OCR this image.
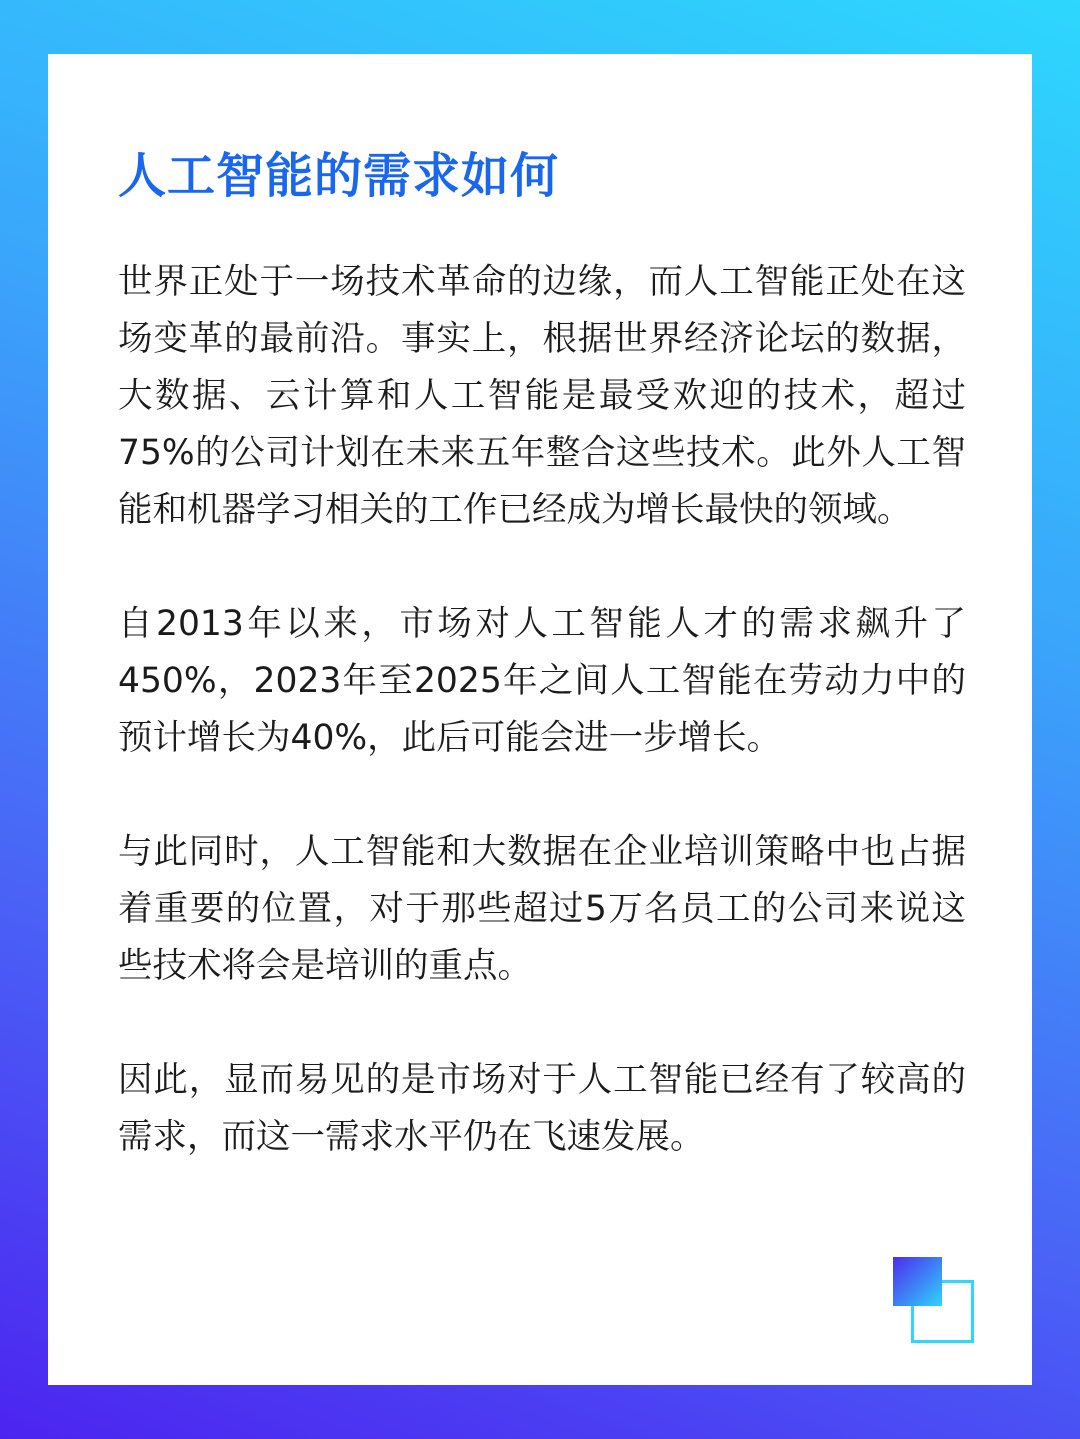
人工智能的需求如何

世界正处于一场技术革命的边缘，而人工智能正处在这场变革的最前沿。事实上，根据世界经济论坛的数据，大数据、云计算和人工智能是最受欢迎的技术，超过75%的公司计划在未来五年整合这些技术。此外人工智能和机器学习相关的工作已经成为增长最快的领域。

自2013年以来，市场对人工智能人才的需求飙升了450%，2023年至2025年之间人工智能在劳动力中的预计增长为40%，此后可能会进一步增长。

与此同时，人工智能和大数据在企业培训策略中也占据着重要的位置，对于那些超过5万名员工的公司来说这些技术将会是培训的重点。

因此，显而易见的是市场对于人工智能已经有了较高的需求，而这一需求水平仍在飞速发展。
